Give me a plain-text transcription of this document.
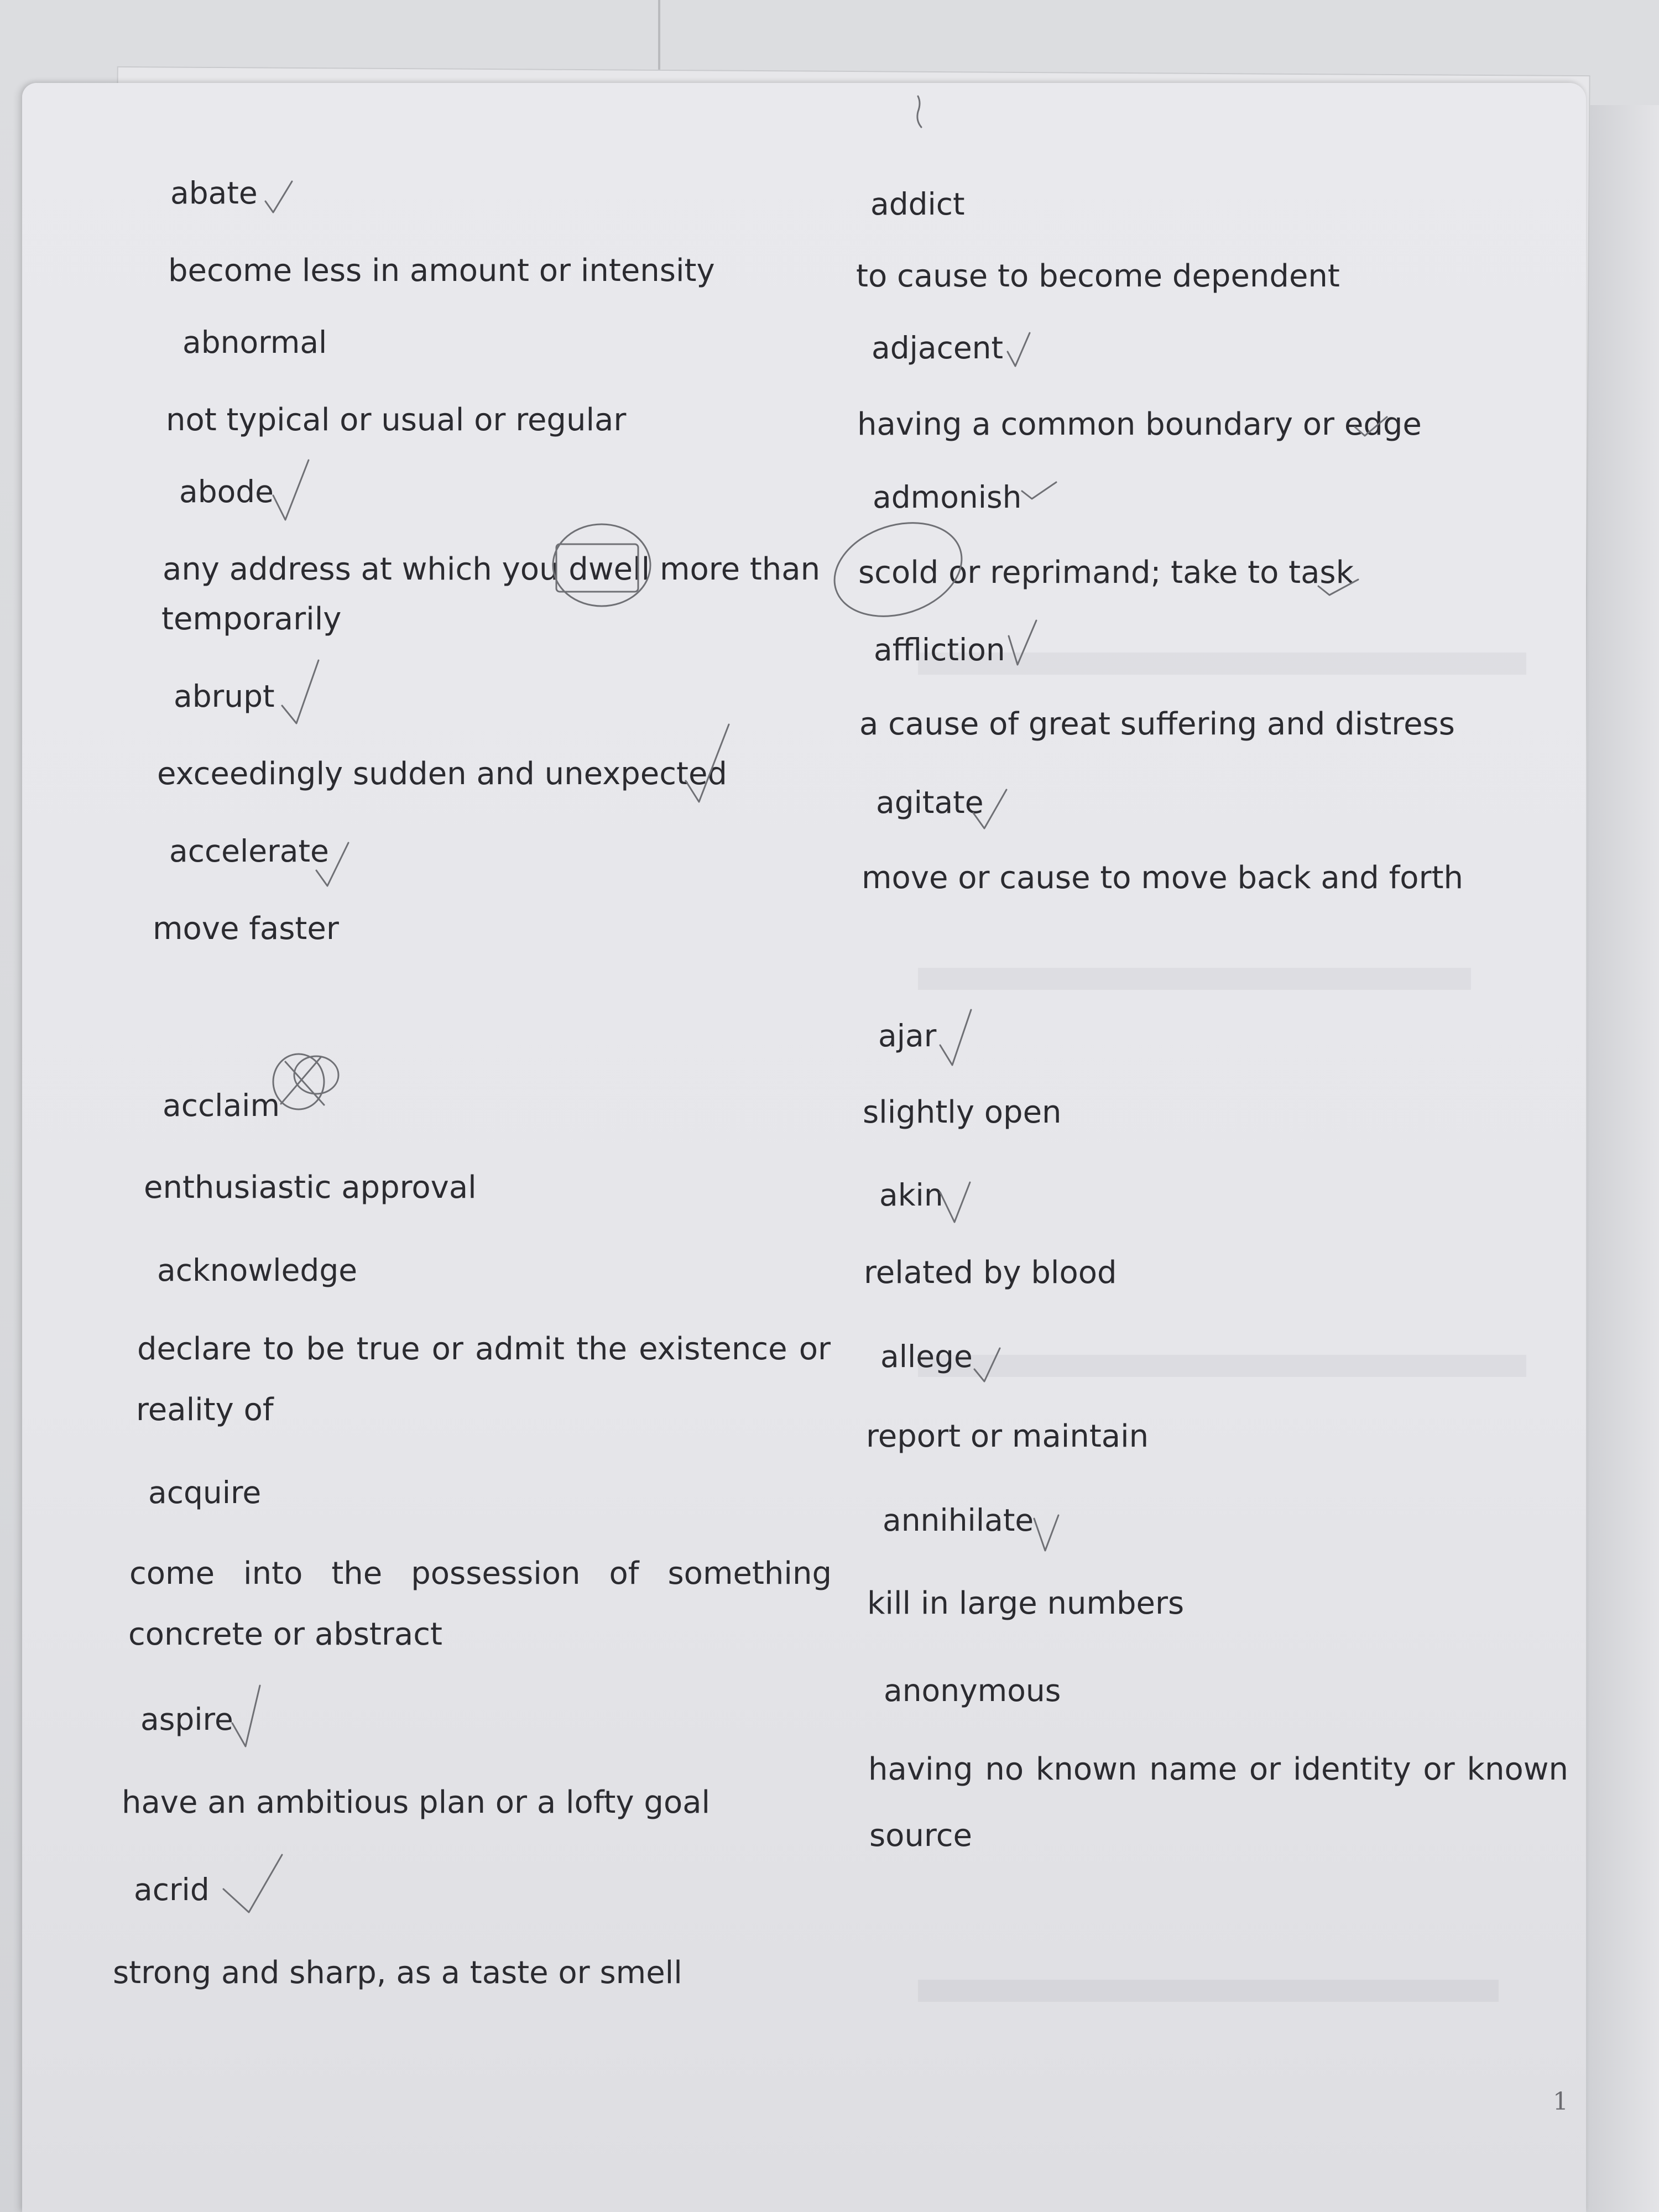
abate
become less in amount or intensity
abnormal
not typical or usual or regular
abode
any address at which you dwell more than
temporarily
abrupt
exceedingly sudden and unexpected
accelerate
move faster
acclaim
enthusiastic approval
acknowledge
declare to be true or admit the existence or
reality of
acquire
come into the possession of something
concrete or abstract
aspire
have an ambitious plan or a lofty goal
acrid
strong and sharp, as a taste or smell
addict
to cause to become dependent
adjacent
having a common boundary or edge
admonish
scold or reprimand; take to task
affliction
a cause of great suffering and distress
agitate
move or cause to move back and forth
ajar
slightly open
akin
related by blood
allege
report or maintain
annihilate
kill in large numbers
anonymous
having no known name or identity or known
source
1
